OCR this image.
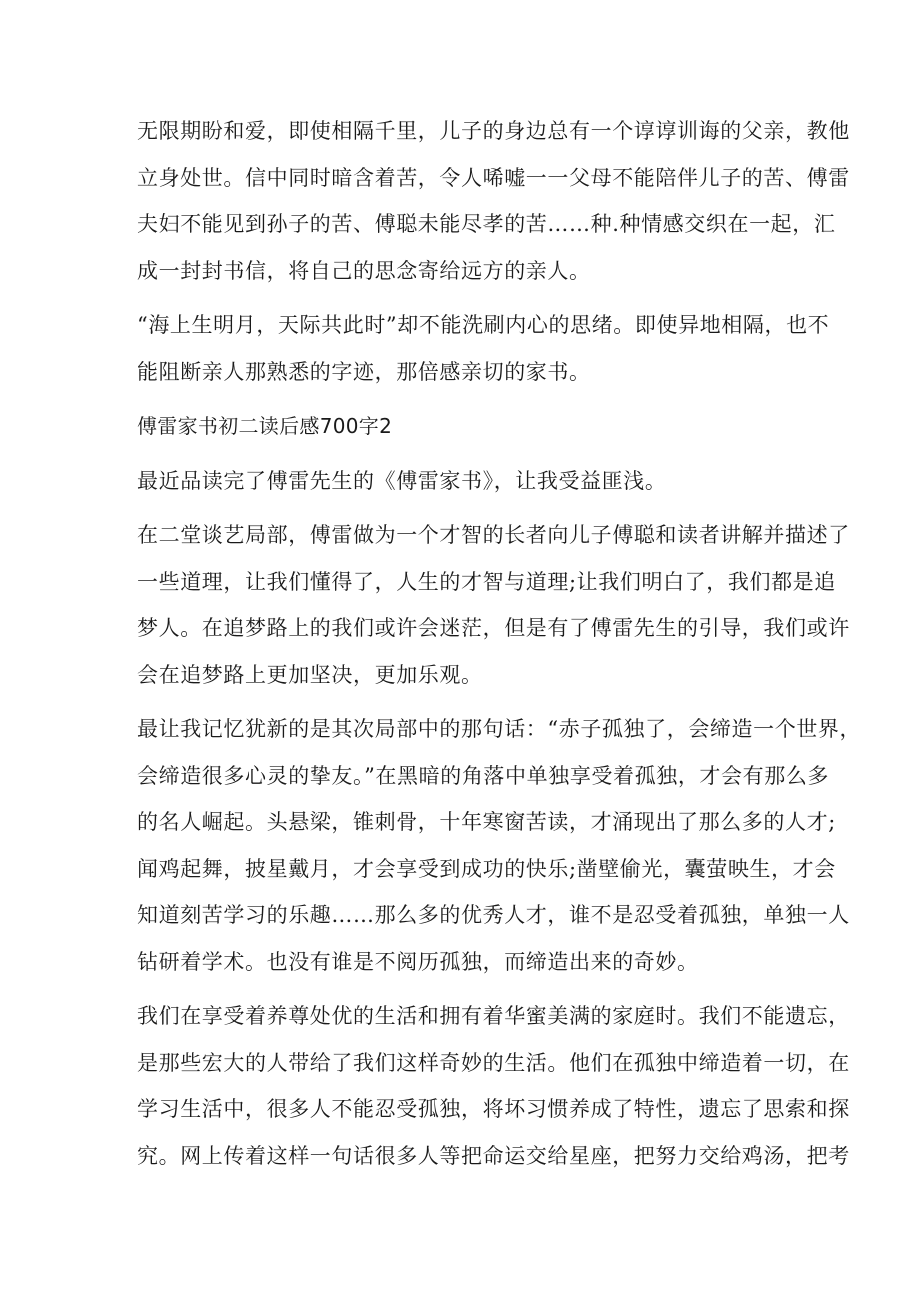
无限期盼和爱，即使相隔千里，儿子的身边总有一个谆谆训诲的父亲，教他
立身处世。信中同时暗含着苦，令人唏嘘一一父母不能陪伴儿子的苦、傅雷
夫妇不能见到孙子的苦、傅聪未能尽孝的苦……种.种情感交织在一起，汇
成一封封书信，将自己的思念寄给远方的亲人。

“海上生明月，天际共此时”却不能洗刷内心的思绪。即使异地相隔，也不
能阻断亲人那熟悉的字迹，那倍感亲切的家书。

傅雷家书初二读后感700字2

最近品读完了傅雷先生的《傅雷家书》，让我受益匪浅。

在二堂谈艺局部，傅雷做为一个才智的长者向儿子傅聪和读者讲解并描述了
一些道理，让我们懂得了，人生的才智与道理;让我们明白了，我们都是追
梦人。在追梦路上的我们或许会迷茫，但是有了傅雷先生的引导，我们或许
会在追梦路上更加坚决，更加乐观。

最让我记忆犹新的是其次局部中的那句话：“赤子孤独了，会缔造一个世界，
会缔造很多心灵的挚友。”在黑暗的角落中单独享受着孤独，才会有那么多
的名人崛起。头悬梁，锥刺骨，十年寒窗苦读，才涌现出了那么多的人才;
闻鸡起舞，披星戴月，才会享受到成功的快乐;凿壁偷光，囊萤映生，才会
知道刻苦学习的乐趣……那么多的优秀人才，谁不是忍受着孤独，单独一人
钻研着学术。也没有谁是不阅历孤独，而缔造出来的奇妙。

我们在享受着养尊处优的生活和拥有着华蜜美满的家庭时。我们不能遗忘，
是那些宏大的人带给了我们这样奇妙的生活。他们在孤独中缔造着一切，在
学习生活中，很多人不能忍受孤独，将坏习惯养成了特性，遗忘了思索和探
究。网上传着这样一句话很多人等把命运交给星座，把努力交给鸡汤，把考
